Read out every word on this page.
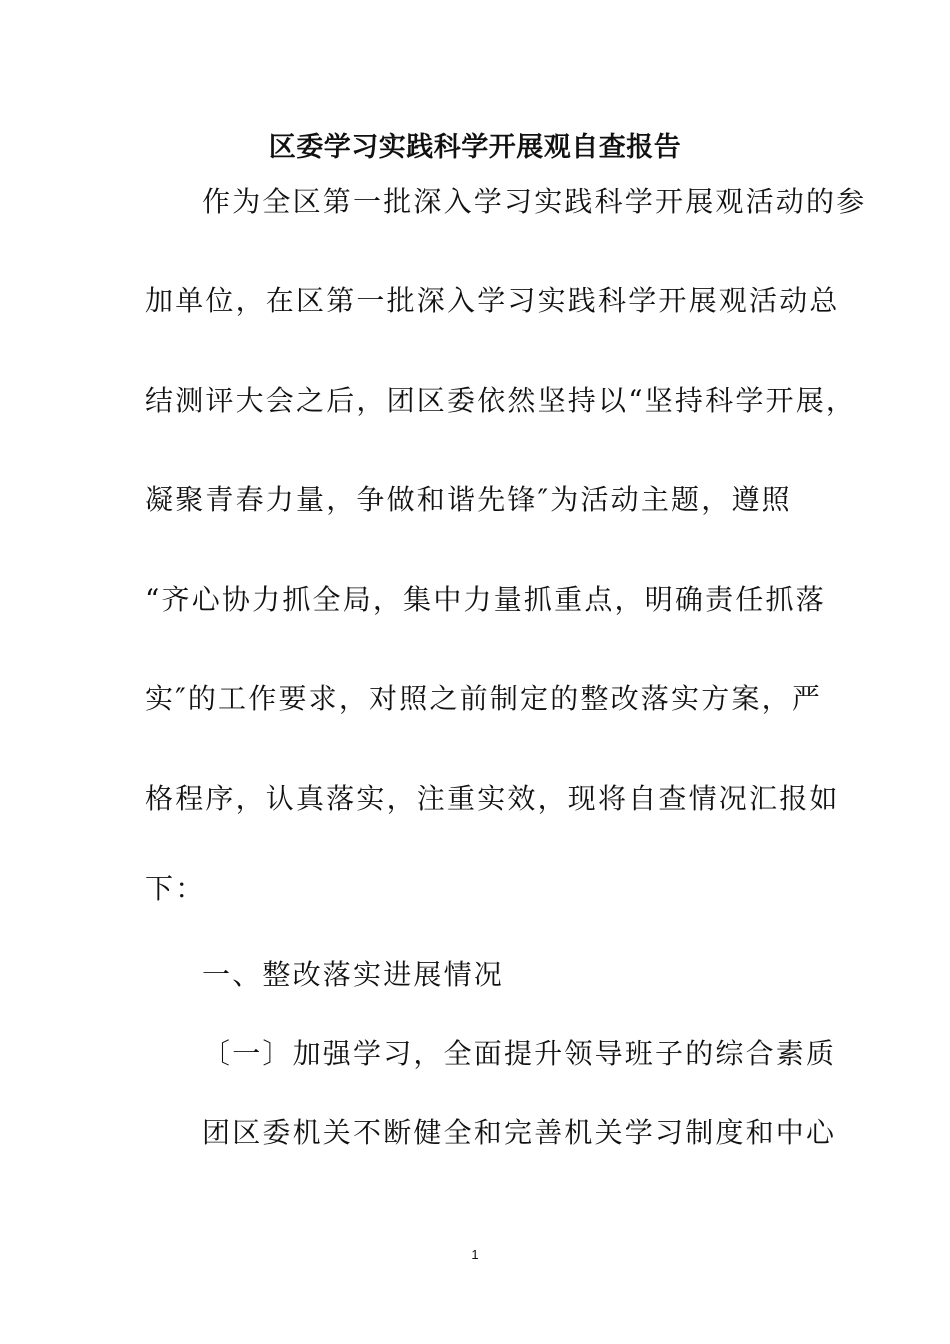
区委学习实践科学开展观自查报告

作为全区第一批深入学习实践科学开展观活动的参

加单位，在区第一批深入学习实践科学开展观活动总

结测评大会之后，团区委依然坚持以“坚持科学开展，

凝聚青春力量，争做和谐先锋″为活动主题，遵照

“齐心协力抓全局，集中力量抓重点，明确责任抓落

实″的工作要求，对照之前制定的整改落实方案，严

格程序，认真落实，注重实效，现将自查情况汇报如

下：

一、整改落实进展情况

〔一〕加强学习，全面提升领导班子的综合素质

团区委机关不断健全和完善机关学习制度和中心

1
